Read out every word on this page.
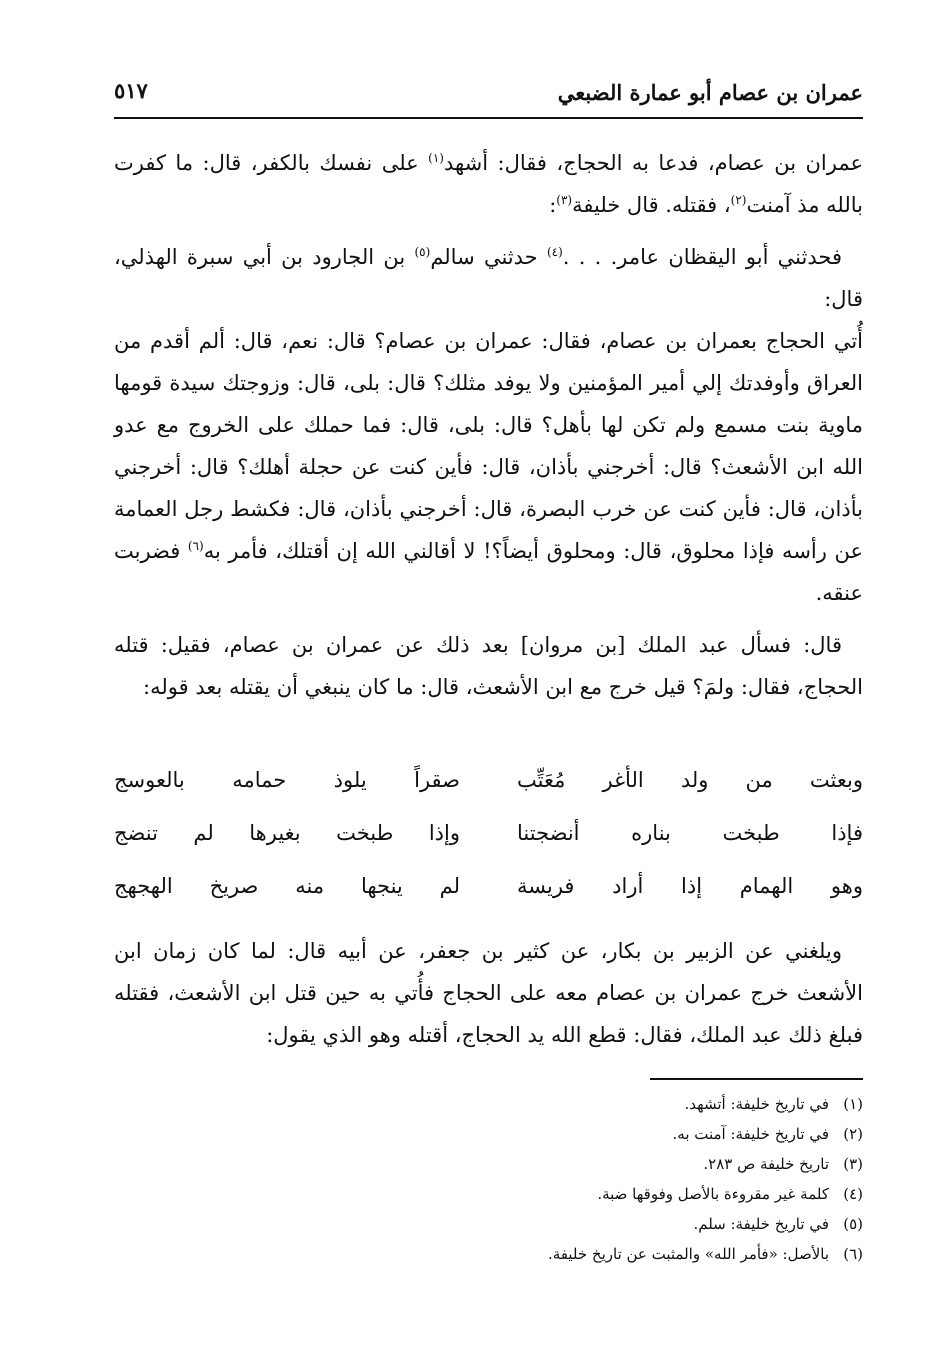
عمران بن عصام أبو عمارة الضبعي
٥١٧

عمران بن عصام، فدعا به الحجاج، فقال: أشهد$^{(١)}$ على نفسك بالكفر، قال: ما كفرت بالله مذ آمنت$^{(٢)}$، فقتله. قال خليفة$^{(٣)}$:

 فحدثني أبو اليقظان عامر. . . .$^{(٤)}$ حدثني سالم$^{(٥)}$ بن الجارود بن أبي سبرة الهذلي، قال:

أُتي الحجاج بعمران بن عصام، فقال: عمران بن عصام؟ قال: نعم، قال: ألم أقدم من العراق وأوفدتك إلي أمير المؤمنين ولا يوفد مثلك؟ قال: بلى، قال: وزوجتك سيدة قومها ماوية بنت مسمع ولم تكن لها بأهل؟ قال: بلى، قال: فما حملك على الخروج مع عدو الله ابن الأشعث؟ قال: أخرجني بأذان، قال: فأين كنت عن حجلة أهلك؟ قال: أخرجني بأذان، قال: فأين كنت عن خرب البصرة، قال: أخرجني بأذان، قال: فكشط رجل العمامة عن رأسه فإذا محلوق، قال: ومحلوق أيضاً؟! لا أقالني الله إن أقتلك، فأمر به$^{(٦)}$ فضربت عنقه.

 قال: فسأل عبد الملك [بن مروان] بعد ذلك عن عمران بن عصام، فقيل: قتله الحجاج، فقال: ولمَ؟ قيل خرج مع ابن الأشعث، قال: ما كان ينبغي أن يقتله بعد قوله:

وبعثت من ولد الأغر مُعَتِّب
صقراً يلوذ حمامه بالعوسج
فإذا طبخت بناره أنضجتنا
وإذا طبخت بغيرها لم تنضج
وهو الهمام إذا أراد فريسة
لم ينجها منه صريخ الهجهج
 ويلغني عن الزبير بن بكار، عن كثير بن جعفر، عن أبيه قال: لما كان زمان ابن الأشعث خرج عمران بن عصام معه على الحجاج فأُتي به حين قتل ابن الأشعث، فقتله فبلغ ذلك عبد الملك، فقال: قطع الله يد الحجاج، أقتله وهو الذي يقول:
(١)في تاريخ خليفة: أتشهد.
(٢)في تاريخ خليفة: آمنت به.
(٣)تاريخ خليفة ص ٢٨٣.
(٤)كلمة غير مقروءة بالأصل وفوقها ضبة.
(٥)في تاريخ خليفة: سلم.
(٦)بالأصل: «فأمر الله» والمثبت عن تاريخ خليفة.
